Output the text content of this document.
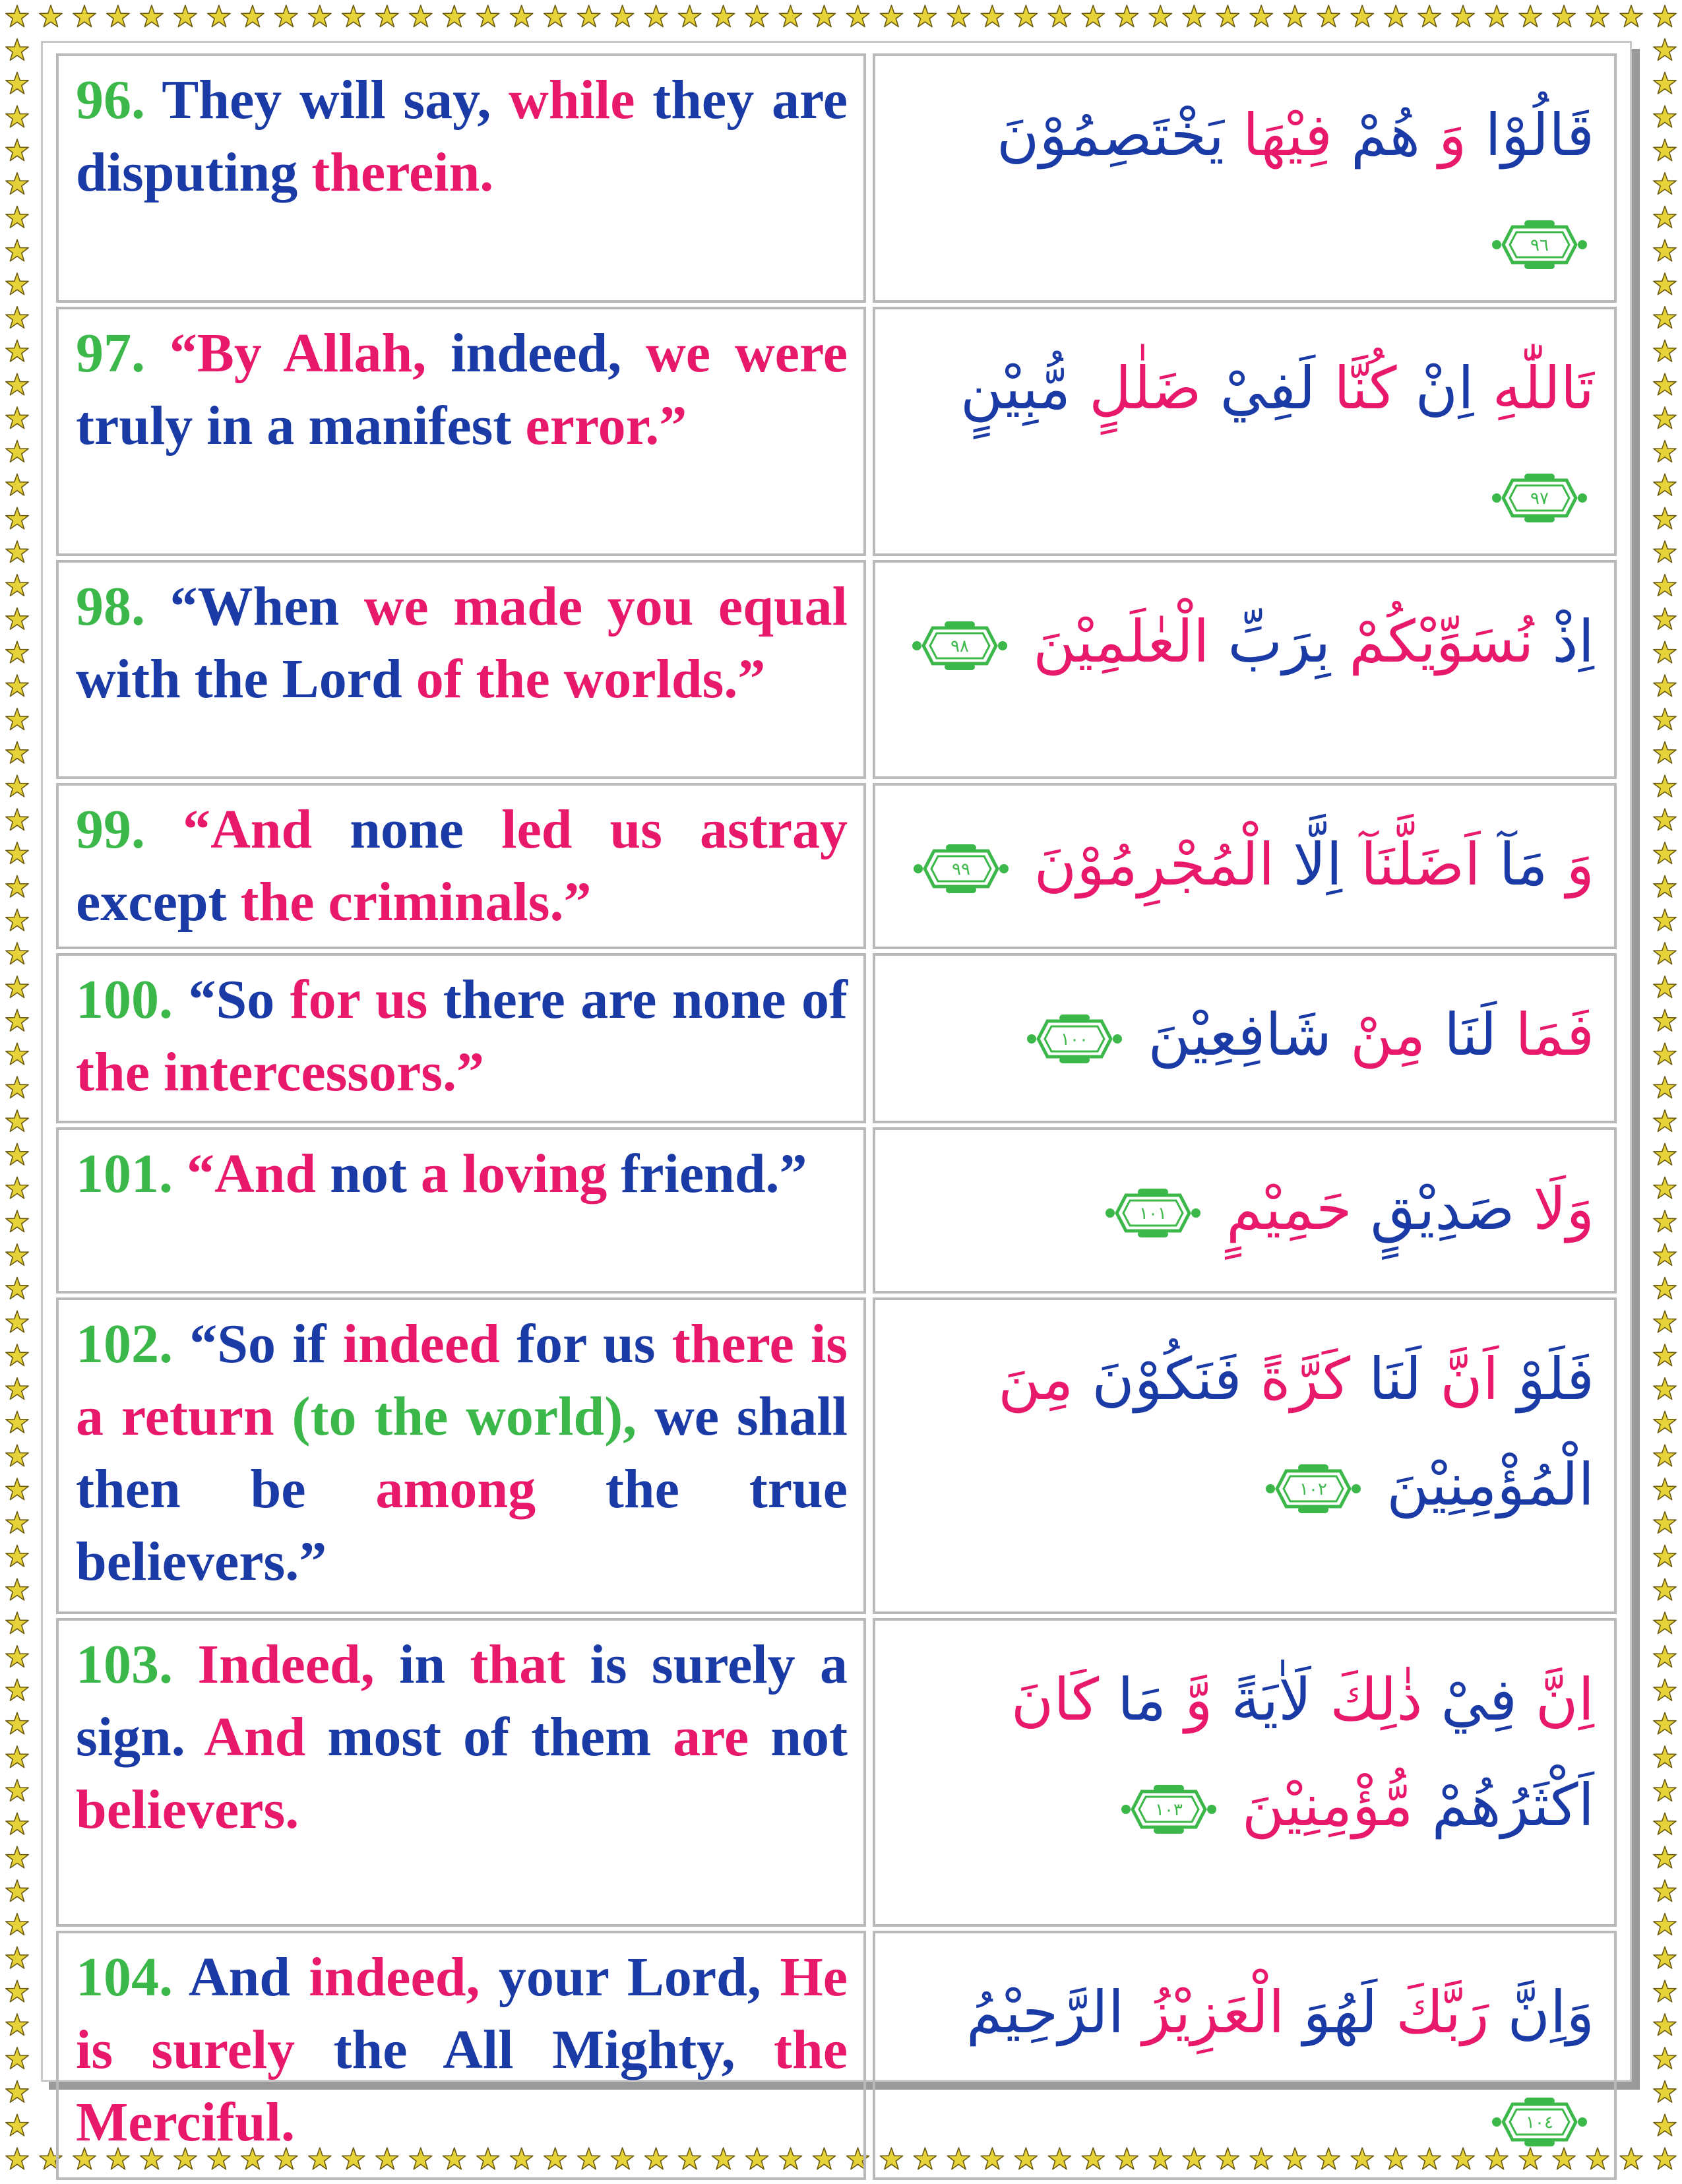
96. They will say, while they are disputing therein.	قَالُوْا وَ هُمْ فِيْهَا يَخْتَصِمُوْنَ
٩٦

97. “By Allah, indeed, we were truly in a manifest error.”	تَاللّٰهِ اِنْ كُنَّا لَفِيْ ضَلٰلٍ مُّبِيْنٍ
٩٧

98. “When we made you equal with the Lord of the worlds.”	اِذْ نُسَوِّيْكُمْ بِرَبِّ الْعٰلَمِيْنَ
٩٨

99. “And none led us astray except the criminals.”	وَ مَآ اَضَلَّنَآ اِلَّا الْمُجْرِمُوْنَ
٩٩

100. “So for us there are none of the intercessors.”	فَمَا لَنَا مِنْ شَافِعِيْنَ
١٠٠

101. “And not a loving friend.”	وَلَا صَدِيْقٍ حَمِيْمٍ
١٠١

102. “So if indeed for us there is a return (to the world), we shall then be among the true believers.”	فَلَوْ اَنَّ لَنَا كَرَّةً فَنَكُوْنَ مِنَ الْمُؤْمِنِيْنَ
١٠٢

103. Indeed, in that is surely a sign. And most of them are not believers.	اِنَّ فِيْ ذٰلِكَ لَاٰيَةً وَّ مَا كَانَ اَكْثَرُهُمْ مُّؤْمِنِيْنَ
١٠٣

104. And indeed, your Lord, He is surely the All Mighty, the Merciful.	وَاِنَّ رَبَّكَ لَهُوَ الْعَزِيْزُ الرَّحِيْمُ
١٠٤
